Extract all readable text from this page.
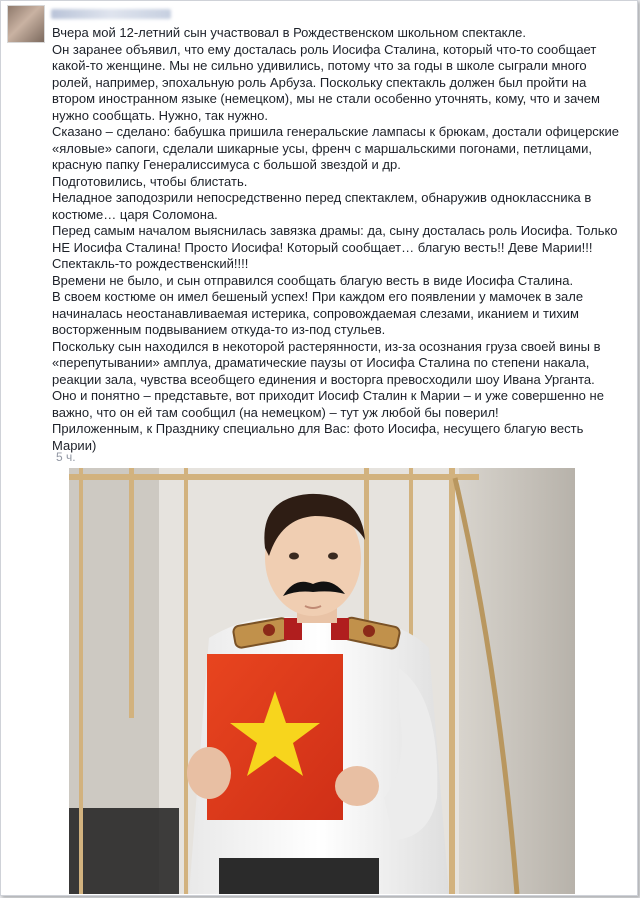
Вчера мой 12-летний сын участвовал в Рождественском школьном спектакле.

Он заранее объявил, что ему досталась роль Иосифа Сталина, который что-то сообщает какой-то женщине. Мы не сильно удивились, потому что за годы в школе сыграли много ролей, например, эпохальную роль Арбуза. Поскольку спектакль должен был пройти на втором иностранном языке (немецком), мы не стали особенно уточнять, кому, что и зачем нужно сообщать. Нужно, так нужно.

Сказано – сделано: бабушка пришила генеральские лампасы к брюкам, достали офицерские «яловые» сапоги, сделали шикарные усы, френч с маршальскими погонами, петлицами, красную папку Генералиссимуса с большой звездой и др.

Подготовились, чтобы блистать.

Неладное заподозрили непосредственно перед спектаклем, обнаружив одноклассника в костюме… царя Соломона.

Перед самым началом выяснилась завязка драмы: да, сыну досталась роль Иосифа. Только НЕ Иосифа Сталина! Просто Иосифа! Который сообщает… благую весть!! Деве Марии!!! Спектакль-то рождественский!!!!

Времени не было, и сын отправился сообщать благую весть в виде Иосифа Сталина.

В своем костюме он имел бешеный успех! При каждом его появлении у мамочек в зале начиналась неостанавливаемая истерика, сопровождаемая слезами, иканием и тихим восторженным подвыванием откуда-то из-под стульев.

Поскольку сын находился в некоторой растерянности, из-за осознания груза своей вины в «перепутывании» амплуа, драматические паузы от Иосифа Сталина по степени накала, реакции зала, чувства всеобщего единения и восторга превосходили шоу Ивана Урганта.

Оно и понятно – представьте, вот приходит Иосиф Сталин к Марии – и уже совершенно не важно, что он ей там сообщил (на немецком) – тут уж любой бы поверил!

Приложенным, к Празднику специально для Вас: фото Иосифа, несущего благую весть Марии)

5 ч.
